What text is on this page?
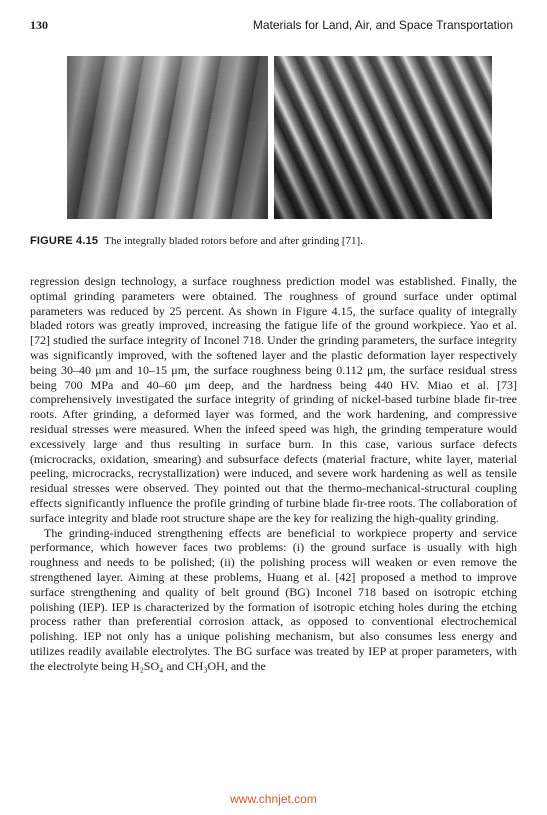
130	Materials for Land, Air, and Space Transportation
FIGURE 4.15 The integrally bladed rotors before and after grinding [71].

regression design technology, a surface roughness prediction model was established. Finally, the optimal grinding parameters were obtained. The roughness of ground surface under optimal parameters was reduced by 25 percent. As shown in Figure 4.15, the surface quality of integrally bladed rotors was greatly improved, increasing the fatigue life of the ground workpiece. Yao et al. [72] studied the surface integrity of Inconel 718. Under the grinding parameters, the surface integrity was significantly improved, with the softened layer and the plastic deformation layer respectively being 30–40 μm and 10–15 μm, the surface roughness being 0.112 μm, the surface residual stress being 700 MPa and 40–60 μm deep, and the hardness being 440 HV. Miao et al. [73] comprehensively investigated the surface integrity of grinding of nickel-based turbine blade fir-tree roots. After grinding, a deformed layer was formed, and the work hardening, and compressive residual stresses were measured. When the infeed speed was high, the grinding temperature would excessively large and thus resulting in surface burn. In this case, various surface defects (microcracks, oxidation, smearing) and subsurface defects (material fracture, white layer, material peeling, microcracks, recrystallization) were induced, and severe work hardening as well as tensile residual stresses were observed. They pointed out that the thermo-mechanical-structural coupling effects significantly influence the profile grinding of turbine blade fir-tree roots. The collaboration of surface integrity and blade root structure shape are the key for realizing the high-quality grinding.

The grinding-induced strengthening effects are beneficial to workpiece property and service performance, which however faces two problems: (i) the ground surface is usually with high roughness and needs to be polished; (ii) the polishing process will weaken or even remove the strengthened layer. Aiming at these problems, Huang et al. [42] proposed a method to improve surface strengthening and quality of belt ground (BG) Inconel 718 based on isotropic etching polishing (IEP). IEP is characterized by the formation of isotropic etching holes during the etching process rather than preferential corrosion attack, as opposed to conventional electrochemical polishing. IEP not only has a unique polishing mechanism, but also consumes less energy and utilizes readily available electrolytes. The BG surface was treated by IEP at proper parameters, with the electrolyte being H₂SO₄ and CH₃OH, and the

www.chnjet.com
